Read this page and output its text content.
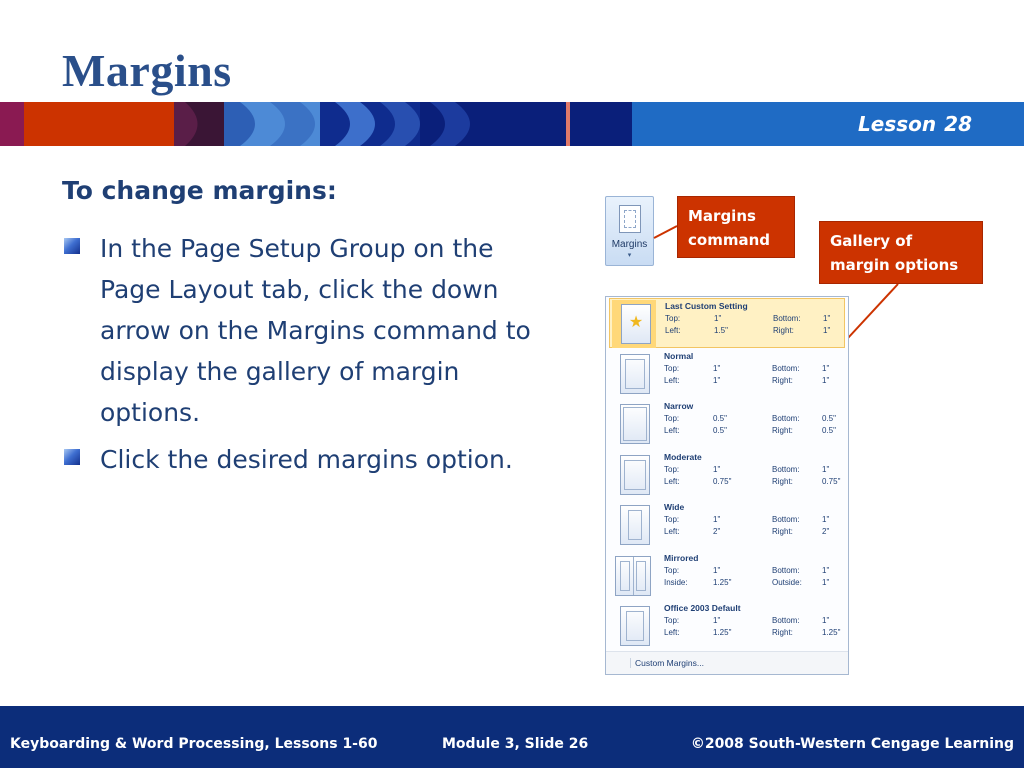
Margins
Lesson 28
To change margins:
In the Page Setup Group on the Page Layout tab, click the down arrow on the Margins command to display the gallery of margin options.
Click the desired margins option.
Margins
▾
Margins command	Gallery of margin options
★
Last Custom Setting
Top:	1"	Bottom:	1"
Left:	1.5"	Right:	1"
Normal
Top:	1"	Bottom:	1"
Left:	1"	Right:	1"
Narrow
Top:	0.5"	Bottom:	0.5"
Left:	0.5"	Right:	0.5"
Moderate
Top:	1"	Bottom:	1"
Left:	0.75"	Right:	0.75"
Wide
Top:	1"	Bottom:	1"
Left:	2"	Right:	2"
Mirrored
Top:	1"	Bottom:	1"
Inside:	1.25"	Outside:	1"
Office 2003 Default
Top:	1"	Bottom:	1"
Left:	1.25"	Right:	1.25"
Custom Margins...
Keyboarding & Word Processing, Lessons 1-60	Module 3, Slide 26	©2008 South-Western Cengage Learning
